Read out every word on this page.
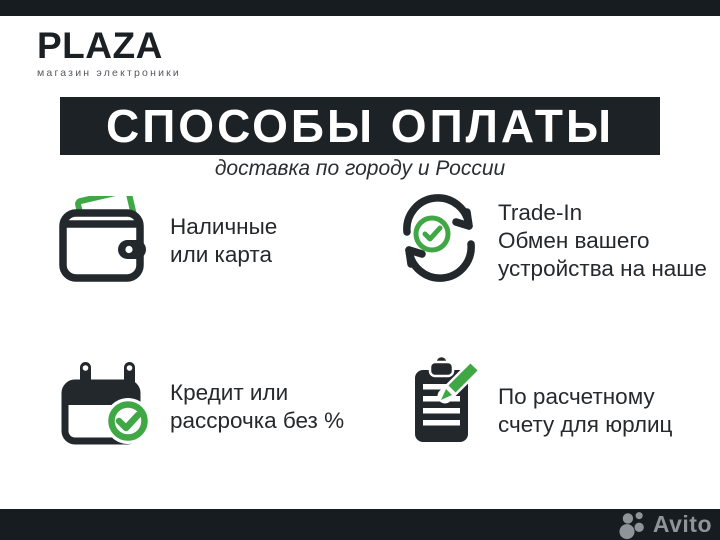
PLAZA
магазин электроники
СПОСОБЫ ОПЛАТЫ
доставка по городу и России
Наличные
или карта
Trade-In
Обмен вашего
устройства на наше
Кредит или
рассрочка без %
По расчетному
счету для юрлиц
Avito
